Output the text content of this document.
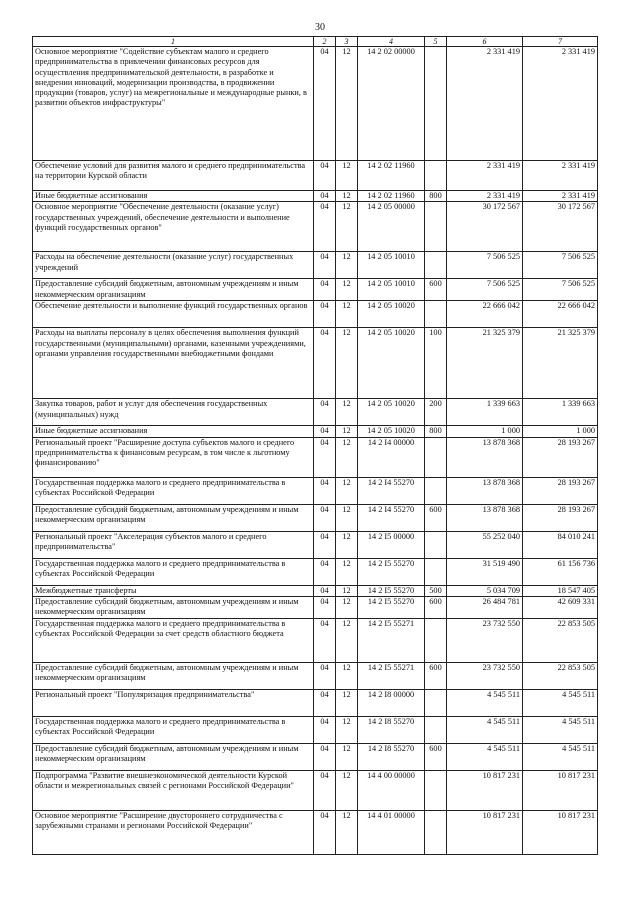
30
1	2	3	4	5	6	7
Основное мероприятие "Содействие субъектам малого и среднего предпринимательства в привлечении финансовых ресурсов для осуществления предпринимательской деятельности, в разработке и внедрении инноваций, модернизации производства, в продвижении продукции (товаров, услуг) на межрегиональные и международные рынки, в развитии объектов инфраструктуры"	04	12	14 2 02 00000		2 331 419	2 331 419
Обеспечение условий для развития малого и среднего предпринимательства на территории Курской области	04	12	14 2 02 11960		2 331 419	2 331 419
Иные бюджетные ассигнования	04	12	14 2 02 11960	800	2 331 419	2 331 419
Основное мероприятие "Обеспечение деятельности (оказание услуг) государственных учреждений, обеспечение деятельности и выполнение функций государственных органов"	04	12	14 2 05 00000		30 172 567	30 172 567
Расходы на обеспечение деятельности (оказание услуг) государственных учреждений	04	12	14 2 05 10010		7 506 525	7 506 525
Предоставление субсидий бюджетным, автономным учреждениям и иным некоммерческим организациям	04	12	14 2 05 10010	600	7 506 525	7 506 525
Обеспечение деятельности и выполнение функций государственных органов	04	12	14 2 05 10020		22 666 042	22 666 042
Расходы на выплаты персоналу в целях обеспечения выполнения функций государственными (муниципальными) органами, казенными учреждениями, органами управления государственными внебюджетными фондами	04	12	14 2 05 10020	100	21 325 379	21 325 379
Закупка товаров, работ и услуг для обеспечения государственных (муниципальных) нужд	04	12	14 2 05 10020	200	1 339 663	1 339 663
Иные бюджетные ассигнования	04	12	14 2 05 10020	800	1 000	1 000
Региональный проект "Расширение доступа субъектов малого и среднего предпринимательства к финансовым ресурсам, в том числе к льготному финансированию"	04	12	14 2 I4 00000		13 878 368	28 193 267
Государственная поддержка малого и среднего предпринимательства в субъектах Российской Федерации	04	12	14 2 I4 55270		13 878 368	28 193 267
Предоставление субсидий бюджетным, автономным учреждениям и иным некоммерческим организациям	04	12	14 2 I4 55270	600	13 878 368	28 193 267
Региональный проект "Акселерация субъектов малого и среднего предпринимательства"	04	12	14 2 I5 00000		55 252 040	84 010 241
Государственная поддержка малого и среднего предпринимательства в субъектах Российской Федерации	04	12	14 2 I5 55270		31 519 490	61 156 736
Межбюджетные трансферты	04	12	14 2 I5 55270	500	5 034 709	18 547 405
Предоставление субсидий бюджетным, автономным учреждениям и иным некоммерческим организациям	04	12	14 2 I5 55270	600	26 484 781	42 609 331
Государственная поддержка малого и среднего предпринимательства в субъектах Российской Федерации за счет средств областного бюджета	04	12	14 2 I5 55271		23 732 550	22 853 505
Предоставление субсидий бюджетным, автономным учреждениям и иным некоммерческим организациям	04	12	14 2 I5 55271	600	23 732 550	22 853 505
Региональный проект "Популяризация предпринимательства"	04	12	14 2 I8 00000		4 545 511	4 545 511
Государственная поддержка малого и среднего предпринимательства в субъектах Российской Федерации	04	12	14 2 I8 55270		4 545 511	4 545 511
Предоставление субсидий бюджетным, автономным учреждениям и иным некоммерческим организациям	04	12	14 2 I8 55270	600	4 545 511	4 545 511
Подпрограмма "Развитие внешнеэкономической деятельности Курской области и межрегиональных связей с регионами Российской Федерации"	04	12	14 4 00 00000		10 817 231	10 817 231
Основное мероприятие "Расширение двустороннего сотрудничества с зарубежными странами и регионами Российской Федерации"	04	12	14 4 01 00000		10 817 231	10 817 231
